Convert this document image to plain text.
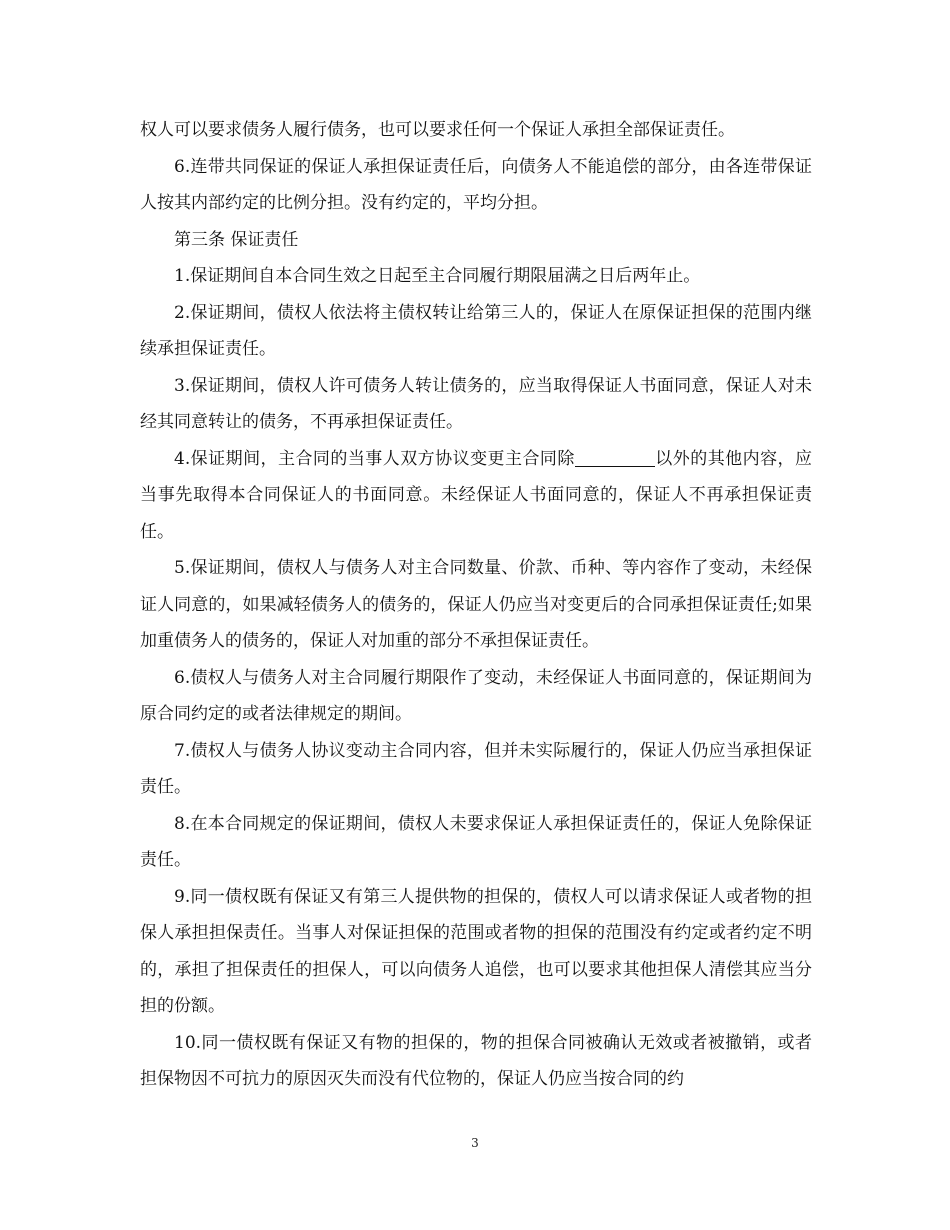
权人可以要求债务人履行债务，也可以要求任何一个保证人承担全部保证责任。

6.连带共同保证的保证人承担保证责任后，向债务人不能追偿的部分，由各连带保证人按其内部约定的比例分担。没有约定的，平均分担。

第三条 保证责任

1.保证期间自本合同生效之日起至主合同履行期限届满之日后两年止。

2.保证期间，债权人依法将主债权转让给第三人的，保证人在原保证担保的范围内继续承担保证责任。

3.保证期间，债权人许可债务人转让债务的，应当取得保证人书面同意，保证人对未经其同意转让的债务，不再承担保证责任。

4.保证期间，主合同的当事人双方协议变更主合同除	以外的其他内容，应当事先取得本合同保证人的书面同意。未经保证人书面同意的，保证人不再承担保证责任。

5.保证期间，债权人与债务人对主合同数量、价款、币种、等内容作了变动，未经保证人同意的，如果减轻债务人的债务的，保证人仍应当对变更后的合同承担保证责任;如果加重债务人的债务的，保证人对加重的部分不承担保证责任。

6.债权人与债务人对主合同履行期限作了变动，未经保证人书面同意的，保证期间为原合同约定的或者法律规定的期间。

7.债权人与债务人协议变动主合同内容，但并未实际履行的，保证人仍应当承担保证责任。

8.在本合同规定的保证期间，债权人未要求保证人承担保证责任的，保证人免除保证责任。

9.同一债权既有保证又有第三人提供物的担保的，债权人可以请求保证人或者物的担保人承担担保责任。当事人对保证担保的范围或者物的担保的范围没有约定或者约定不明的，承担了担保责任的担保人，可以向债务人追偿，也可以要求其他担保人清偿其应当分担的份额。

10.同一债权既有保证又有物的担保的，物的担保合同被确认无效或者被撤销，或者担保物因不可抗力的原因灭失而没有代位物的，保证人仍应当按合同的约

3
